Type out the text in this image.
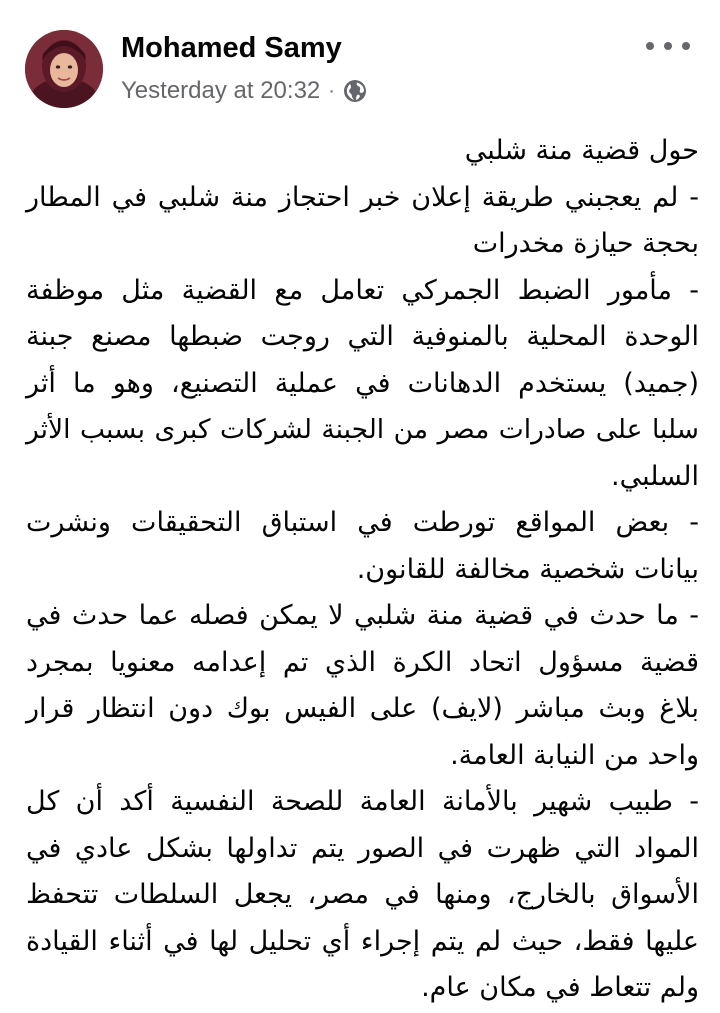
Mohamed Samy
Yesterday at 20:32 ·
حول قضية منة شلبي
- لم يعجبني طريقة إعلان خبر احتجاز منة شلبي في المطار
بحجة حيازة مخدرات
- مأمور الضبط الجمركي تعامل مع القضية مثل موظفة
الوحدة المحلية بالمنوفية التي روجت ضبطها مصنع جبنة
(جميد) يستخدم الدهانات في عملية التصنيع، وهو ما أثر
سلبا على صادرات مصر من الجبنة لشركات كبرى بسبب الأثر
السلبي.
- بعض المواقع تورطت في استباق التحقيقات ونشرت
بيانات شخصية مخالفة للقانون.
- ما حدث في قضية منة شلبي لا يمكن فصله عما حدث في
قضية مسؤول اتحاد الكرة الذي تم إعدامه معنويا بمجرد
بلاغ وبث مباشر (لايف) على الفيس بوك دون انتظار قرار
واحد من النيابة العامة.
- طبيب شهير بالأمانة العامة للصحة النفسية أكد أن كل
المواد التي ظهرت في الصور يتم تداولها بشكل عادي في
الأسواق بالخارج، ومنها في مصر، يجعل السلطات تتحفظ
عليها فقط، حيث لم يتم إجراء أي تحليل لها في أثناء القيادة
ولم تتعاط في مكان عام.
